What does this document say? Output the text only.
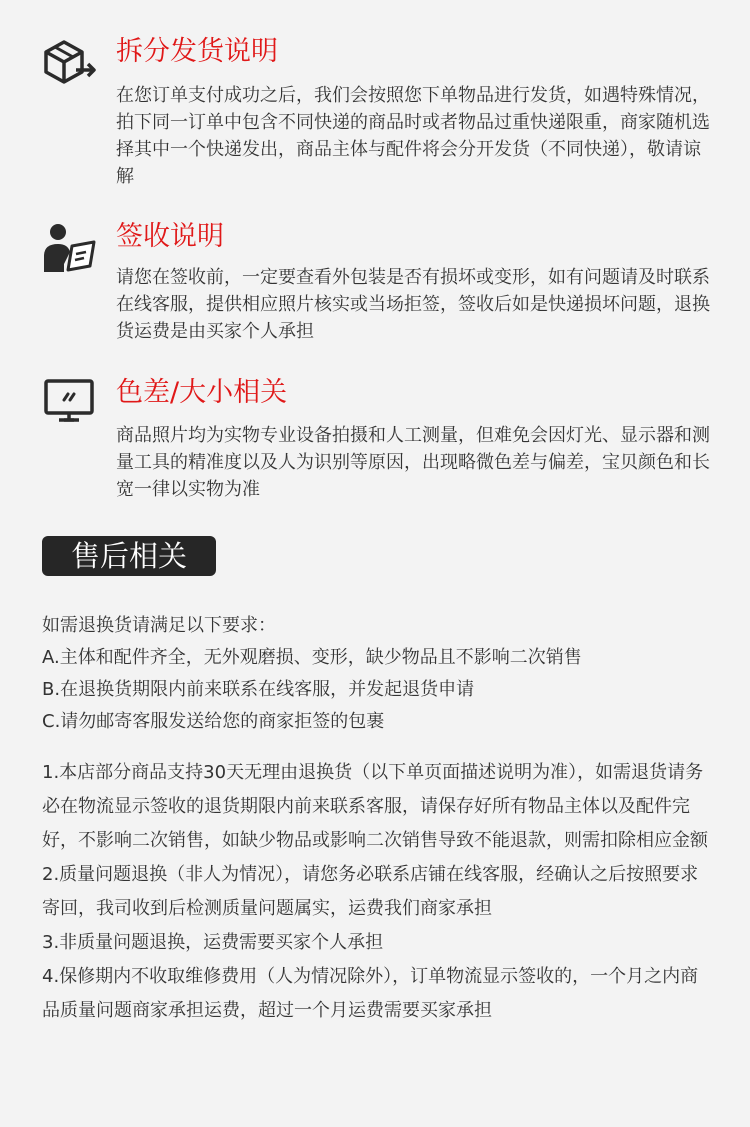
拆分发货说明
在您订单支付成功之后，我们会按照您下单物品进行发货，如遇特殊情况，拍下同一订单中包含不同快递的商品时或者物品过重快递限重，商家随机选择其中一个快递发出，商品主体与配件将会分开发货（不同快递），敬请谅解
签收说明
请您在签收前，一定要查看外包装是否有损坏或变形，如有问题请及时联系在线客服，提供相应照片核实或当场拒签，签收后如是快递损坏问题，退换货运费是由买家个人承担
色差/大小相关
商品照片均为实物专业设备拍摄和人工测量，但难免会因灯光、显示器和测量工具的精准度以及人为识别等原因，出现略微色差与偏差，宝贝颜色和长宽一律以实物为准
售后相关
如需退换货请满足以下要求：
A.主体和配件齐全，无外观磨损、变形，缺少物品且不影响二次销售
B.在退换货期限内前来联系在线客服，并发起退货申请
C.请勿邮寄客服发送给您的商家拒签的包裹
1.本店部分商品支持30天无理由退换货（以下单页面描述说明为准），如需退货请务必在物流显示签收的退货期限内前来联系客服，请保存好所有物品主体以及配件完好，不影响二次销售，如缺少物品或影响二次销售导致不能退款，则需扣除相应金额
2.质量问题退换（非人为情况），请您务必联系店铺在线客服，经确认之后按照要求寄回，我司收到后检测质量问题属实，运费我们商家承担
3.非质量问题退换，运费需要买家个人承担
4.保修期内不收取维修费用（人为情况除外），订单物流显示签收的，一个月之内商品质量问题商家承担运费，超过一个月运费需要买家承担
